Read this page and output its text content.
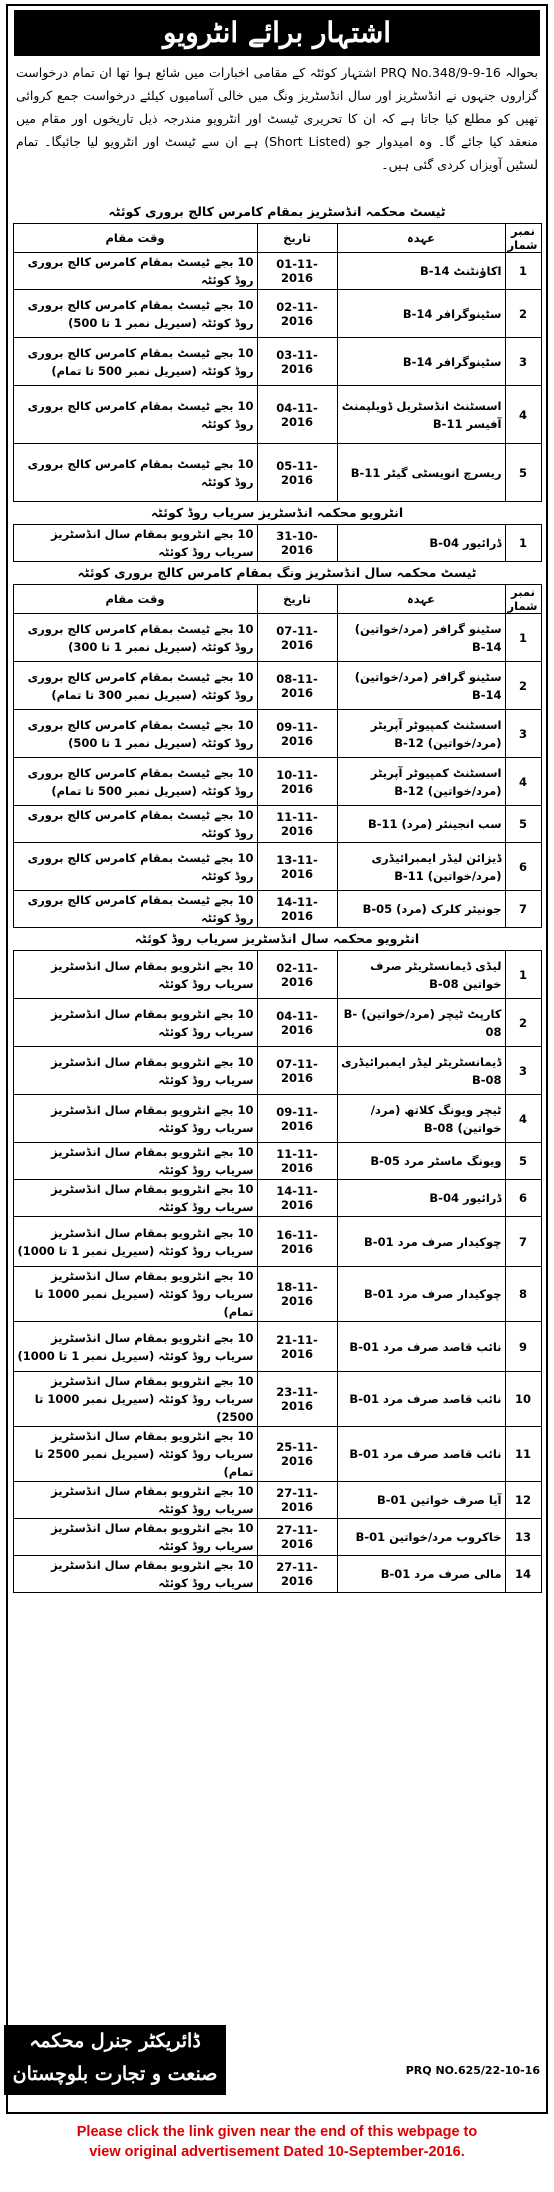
اشتہار برائے انٹرویو
بحوالہ PRQ No.348/9-9-16 اشتہار کوئٹہ کے مقامی اخبارات میں شائع ہوا تھا ان تمام درخواست گزاروں جنہوں نے انڈسٹریز اور سال انڈسٹریز ونگ میں خالی آسامیوں کیلئے درخواست جمع کروائی تھیں کو مطلع کیا جاتا ہے کہ ان کا تحریری ٹیسٹ اور انٹرویو مندرجہ ذیل تاریخوں اور مقام میں منعقد کیا جائے گا۔ وہ امیدوار جو (Short Listed) ہے ان سے ٹیسٹ اور انٹرویو لیا جائیگا۔ تمام لسٹیں آویزاں کردی گئی ہیں۔
ٹیسٹ محکمہ انڈسٹریز بمقام کامرس کالج بروری کوئٹہ
نمبر شمار	عہدہ	تاریخ	وقت مقام
1	اکاؤنٹنٹ B-14	01-11-2016	10 بجے ٹیسٹ بمقام کامرس کالج بروری روڈ کوئٹہ
2	سٹینوگرافر B-14	02-11-2016	10 بجے ٹیسٹ بمقام کامرس کالج بروری روڈ کوئٹہ (سیریل نمبر 1 تا 500)
3	سٹینوگرافر B-14	03-11-2016	10 بجے ٹیسٹ بمقام کامرس کالج بروری روڈ کوئٹہ (سیریل نمبر 500 تا تمام)
4	اسسٹنٹ انڈسٹریل ڈویلپمنٹ آفیسر B-11	04-11-2016	10 بجے ٹیسٹ بمقام کامرس کالج بروری روڈ کوئٹہ
5	ریسرچ انویسٹی گیٹر B-11	05-11-2016	10 بجے ٹیسٹ بمقام کامرس کالج بروری روڈ کوئٹہ
انٹرویو محکمہ انڈسٹریز سریاب روڈ کوئٹہ
1	ڈرائیور B-04	31-10-2016	10 بجے انٹرویو بمقام سال انڈسٹریز سریاب روڈ کوئٹہ
ٹیسٹ محکمہ سال انڈسٹریز ونگ بمقام کامرس کالج بروری کوئٹہ
نمبر شمار	عہدہ	تاریخ	وقت مقام
1	سٹینو گرافر (مرد/خواتین) B-14	07-11-2016	10 بجے ٹیسٹ بمقام کامرس کالج بروری روڈ کوئٹہ (سیریل نمبر 1 تا 300)
2	سٹینو گرافر (مرد/خواتین) B-14	08-11-2016	10 بجے ٹیسٹ بمقام کامرس کالج بروری روڈ کوئٹہ (سیریل نمبر 300 تا تمام)
3	اسسٹنٹ کمپیوٹر آپریٹر (مرد/خواتین) B-12	09-11-2016	10 بجے ٹیسٹ بمقام کامرس کالج بروری روڈ کوئٹہ (سیریل نمبر 1 تا 500)
4	اسسٹنٹ کمپیوٹر آپریٹر (مرد/خواتین) B-12	10-11-2016	10 بجے ٹیسٹ بمقام کامرس کالج بروری روڈ کوئٹہ (سیریل نمبر 500 تا تمام)
5	سب انجینئر (مرد) B-11	11-11-2016	10 بجے ٹیسٹ بمقام کامرس کالج بروری روڈ کوئٹہ
6	ڈیزائن لیڈر ایمبرائیڈری (مرد/خواتین) B-11	13-11-2016	10 بجے ٹیسٹ بمقام کامرس کالج بروری روڈ کوئٹہ
7	جونیئر کلرک (مرد) B-05	14-11-2016	10 بجے ٹیسٹ بمقام کامرس کالج بروری روڈ کوئٹہ
انٹرویو محکمہ سال انڈسٹریز سریاب روڈ کوئٹہ
1	لیڈی ڈیمانسٹریٹر صرف خواتین B-08	02-11-2016	10 بجے انٹرویو بمقام سال انڈسٹریز سریاب روڈ کوئٹہ
2	کارپٹ ٹیچر (مرد/خواتین) B-08	04-11-2016	10 بجے انٹرویو بمقام سال انڈسٹریز سریاب روڈ کوئٹہ
3	ڈیمانسٹریٹر لیڈر ایمبرائیڈری B-08	07-11-2016	10 بجے انٹرویو بمقام سال انڈسٹریز سریاب روڈ کوئٹہ
4	ٹیچر ویونگ کلاتھ (مرد/خواتین) B-08	09-11-2016	10 بجے انٹرویو بمقام سال انڈسٹریز سریاب روڈ کوئٹہ
5	ویونگ ماسٹر مرد B-05	11-11-2016	10 بجے انٹرویو بمقام سال انڈسٹریز سریاب روڈ کوئٹہ
6	ڈرائیور B-04	14-11-2016	10 بجے انٹرویو بمقام سال انڈسٹریز سریاب روڈ کوئٹہ
7	چوکیدار صرف مرد B-01	16-11-2016	10 بجے انٹرویو بمقام سال انڈسٹریز سریاب روڈ کوئٹہ (سیریل نمبر 1 تا 1000)
8	چوکیدار صرف مرد B-01	18-11-2016	10 بجے انٹرویو بمقام سال انڈسٹریز سریاب روڈ کوئٹہ (سیریل نمبر 1000 تا تمام)
9	نائب قاصد صرف مرد B-01	21-11-2016	10 بجے انٹرویو بمقام سال انڈسٹریز سریاب روڈ کوئٹہ (سیریل نمبر 1 تا 1000)
10	نائب قاصد صرف مرد B-01	23-11-2016	10 بجے انٹرویو بمقام سال انڈسٹریز سریاب روڈ کوئٹہ (سیریل نمبر 1000 تا 2500)
11	نائب قاصد صرف مرد B-01	25-11-2016	10 بجے انٹرویو بمقام سال انڈسٹریز سریاب روڈ کوئٹہ (سیریل نمبر 2500 تا تمام)
12	آیا صرف خواتین B-01	27-11-2016	10 بجے انٹرویو بمقام سال انڈسٹریز سریاب روڈ کوئٹہ
13	خاکروب مرد/خواتین B-01	27-11-2016	10 بجے انٹرویو بمقام سال انڈسٹریز سریاب روڈ کوئٹہ
14	مالی صرف مرد B-01	27-11-2016	10 بجے انٹرویو بمقام سال انڈسٹریز سریاب روڈ کوئٹہ
ڈائریکٹر جنرل محکمہ
صنعت و تجارت بلوچستان	PRQ NO.625/22-10-16
Please click the link given near the end of this webpage to
view original advertisement Dated 10-September-2016.
